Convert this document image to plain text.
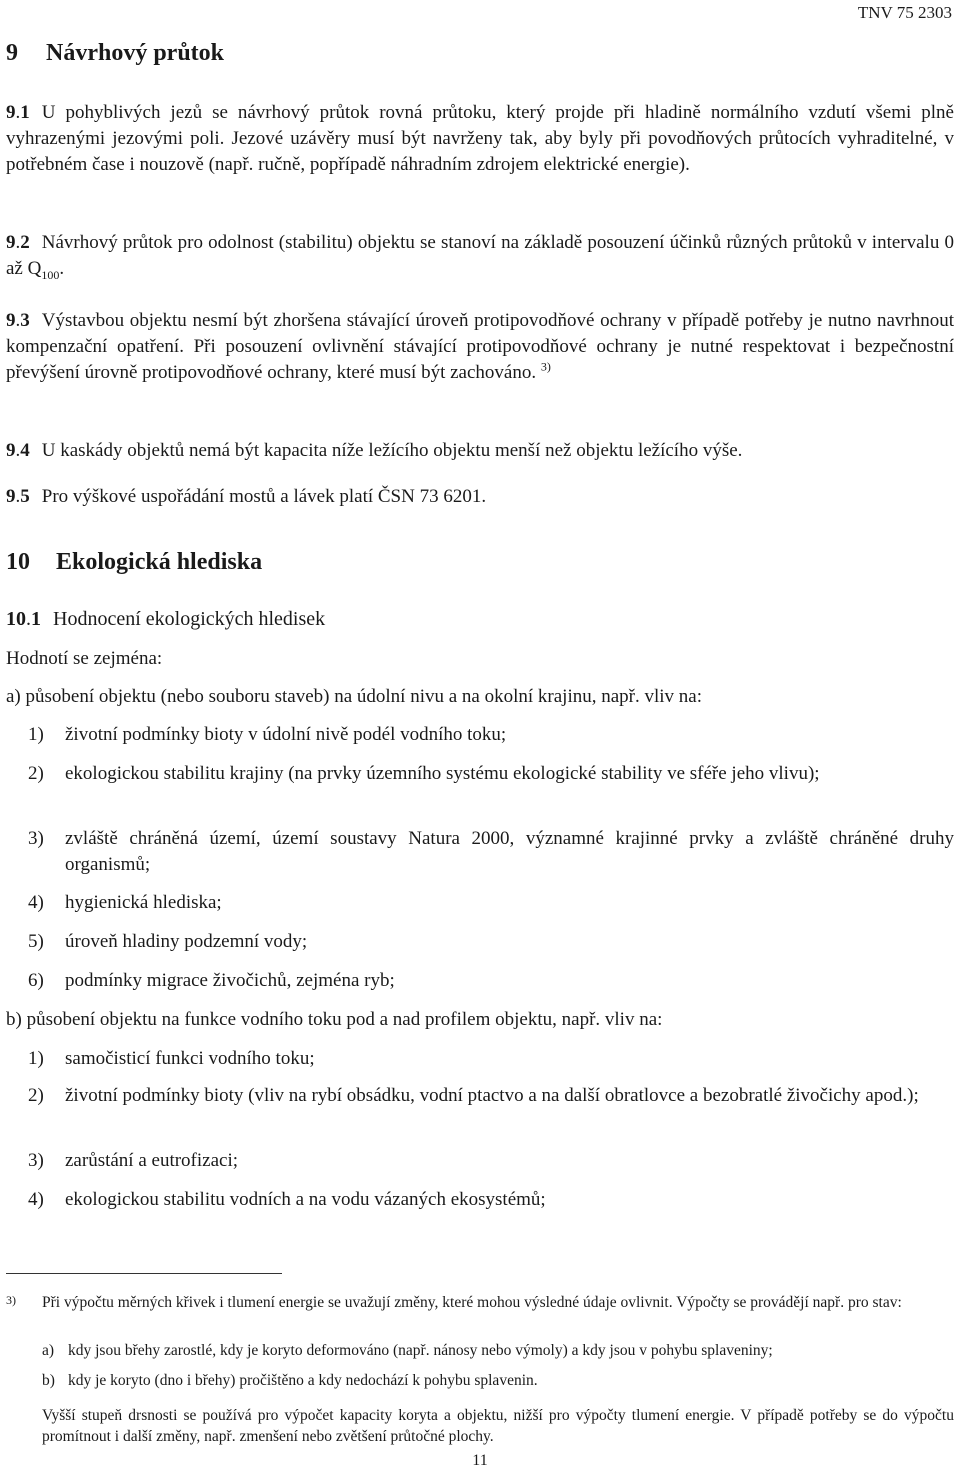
TNV 75 2303
9 Návrhový průtok
9.1 U pohyblivých jezů se návrhový průtok rovná průtoku, který projde při hladině normálního vzdutí všemi plně vyhrazenými jezovými poli. Jezové uzávěry musí být navrženy tak, aby byly při povodňových průtocích vyhraditelné, v potřebném čase i nouzově (např. ručně, popřípadě náhradním zdrojem elektrické energie).
9.2 Návrhový průtok pro odolnost (stabilitu) objektu se stanoví na základě posouzení účinků různých průtoků v intervalu 0 až $Q_{100}$.
9.3 Výstavbou objektu nesmí být zhoršena stávající úroveň protipovodňové ochrany v případě potřeby je nutno navrhnout kompenzační opatření. Při posouzení ovlivnění stávající protipovodňové ochrany je nutné respektovat i bezpečnostní převýšení úrovně protipovodňové ochrany, které musí být zachováno. $^{3)}$
9.4 U kaskády objektů nemá být kapacita níže ležícího objektu menší než objektu ležícího výše.
9.5 Pro výškové uspořádání mostů a lávek platí ČSN 73 6201.
10 Ekologická hlediska
10.1 Hodnocení ekologických hledisek
Hodnotí se zejména:
a) působení objektu (nebo souboru staveb) na údolní nivu a na okolní krajinu, např. vliv na:
1) životní podmínky bioty v údolní nivě podél vodního toku;
2) ekologickou stabilitu krajiny (na prvky územního systému ekologické stability ve sféře jeho vlivu);
3) zvláště chráněná území, území soustavy Natura 2000, významné krajinné prvky a zvláště chráněné druhy organismů;
4) hygienická hlediska;
5) úroveň hladiny podzemní vody;
6) podmínky migrace živočichů, zejména ryb;
b) působení objektu na funkce vodního toku pod a nad profilem objektu, např. vliv na:
1) samočisticí funkci vodního toku;
2) životní podmínky bioty (vliv na rybí obsádku, vodní ptactvo a na další obratlovce a bezobratlé živočichy apod.);
3) zarůstání a eutrofizaci;
4) ekologickou stabilitu vodních a na vodu vázaných ekosystémů;
3) Při výpočtu měrných křivek i tlumení energie se uvažují změny, které mohou výsledné údaje ovlivnit. Výpočty se provádějí např. pro stav:
a) kdy jsou břehy zarostlé, kdy je koryto deformováno (např. nánosy nebo výmoly) a kdy jsou v pohybu splaveniny;
b) kdy je koryto (dno i břehy) pročištěno a kdy nedochází k pohybu splavenin.
Vyšší stupeň drsnosti se používá pro výpočet kapacity koryta a objektu, nižší pro výpočty tlumení energie. V případě potřeby se do výpočtu promítnout i další změny, např. zmenšení nebo zvětšení průtočné plochy.
11
